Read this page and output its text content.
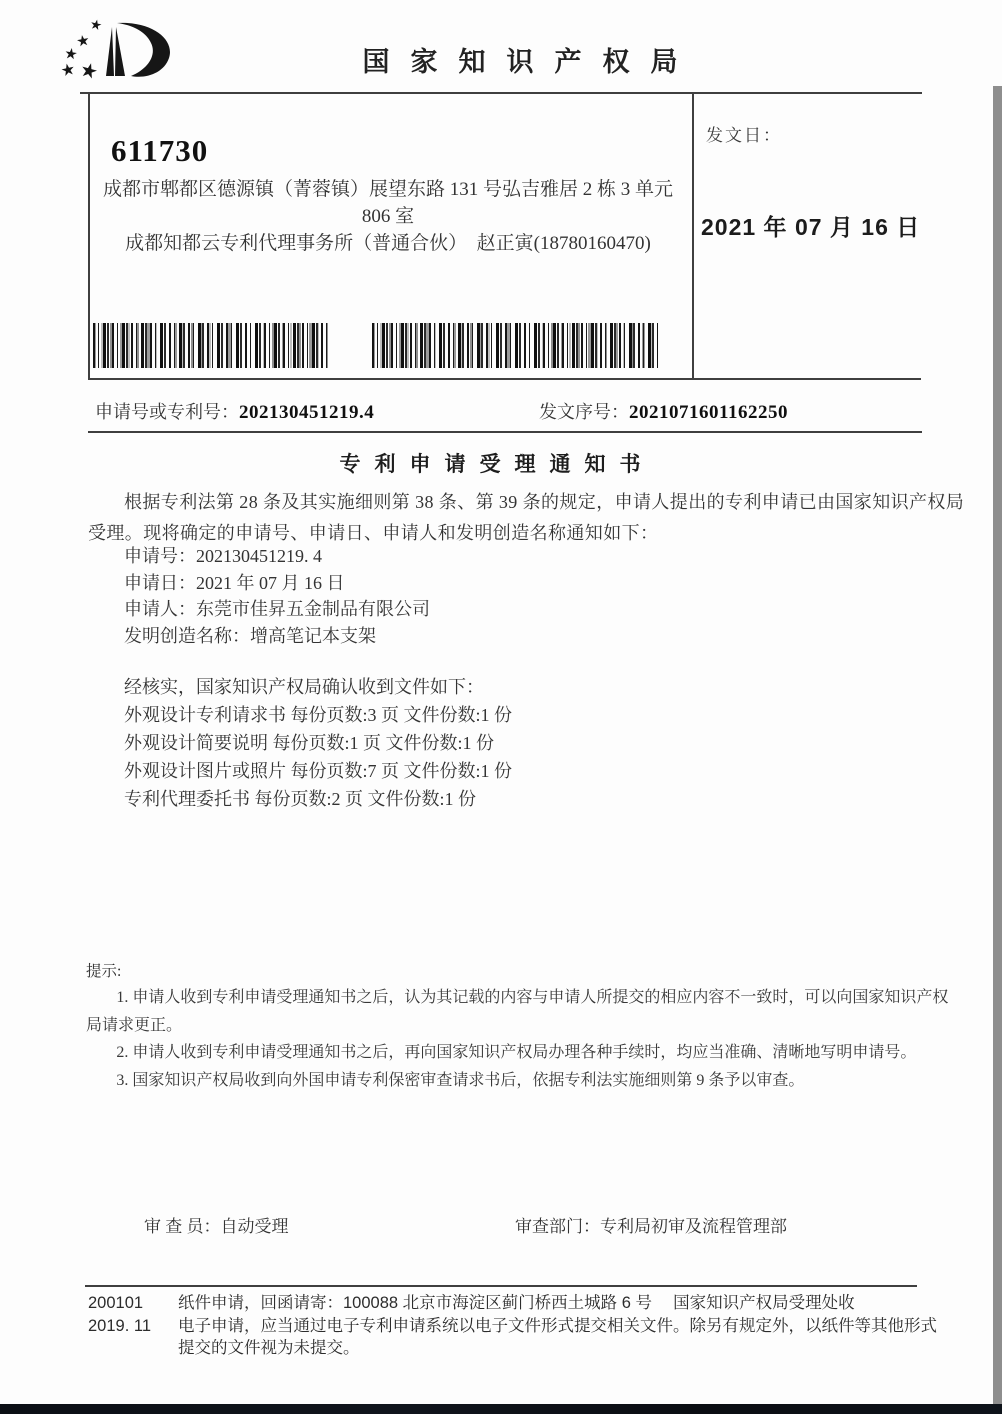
国家知识产权局
611730
成都市郫都区德源镇（菁蓉镇）展望东路 131 号弘吉雅居 2 栋 3 单元
806 室
成都知都云专利代理事务所（普通合伙）　赵正寅(18780160470)
发文日：
2021 年 07 月 16 日
申请号或专利号：202130451219.4	发文序号：2021071601162250
专利申请受理通知书
根据专利法第 28 条及其实施细则第 38 条、第 39 条的规定，申请人提出的专利申请已由国家知识产权局受理。现将确定的申请号、申请日、申请人和发明创造名称通知如下：
申请号：202130451219. 4
申请日：2021 年 07 月 16 日
申请人：东莞市佳昇五金制品有限公司
发明创造名称：增高笔记本支架
经核实，国家知识产权局确认收到文件如下：
外观设计专利请求书 每份页数:3 页 文件份数:1 份
外观设计简要说明 每份页数:1 页 文件份数:1 份
外观设计图片或照片 每份页数:7 页 文件份数:1 份
专利代理委托书 每份页数:2 页 文件份数:1 份
提示:

1. 申请人收到专利申请受理通知书之后，认为其记载的内容与申请人所提交的相应内容不一致时，可以向国家知识产权局请求更正。

2. 申请人收到专利申请受理通知书之后，再向国家知识产权局办理各种手续时，均应当准确、清晰地写明申请号。

3. 国家知识产权局收到向外国申请专利保密审查请求书后，依据专利法实施细则第 9 条予以审查。

审 查 员：自动受理	审查部门：专利局初审及流程管理部
200101
2019. 11
纸件申请，回函请寄：100088 北京市海淀区蓟门桥西土城路 6 号　 国家知识产权局受理处收
电子申请，应当通过电子专利申请系统以电子文件形式提交相关文件。除另有规定外，以纸件等其他形式提交的文件视为未提交。
